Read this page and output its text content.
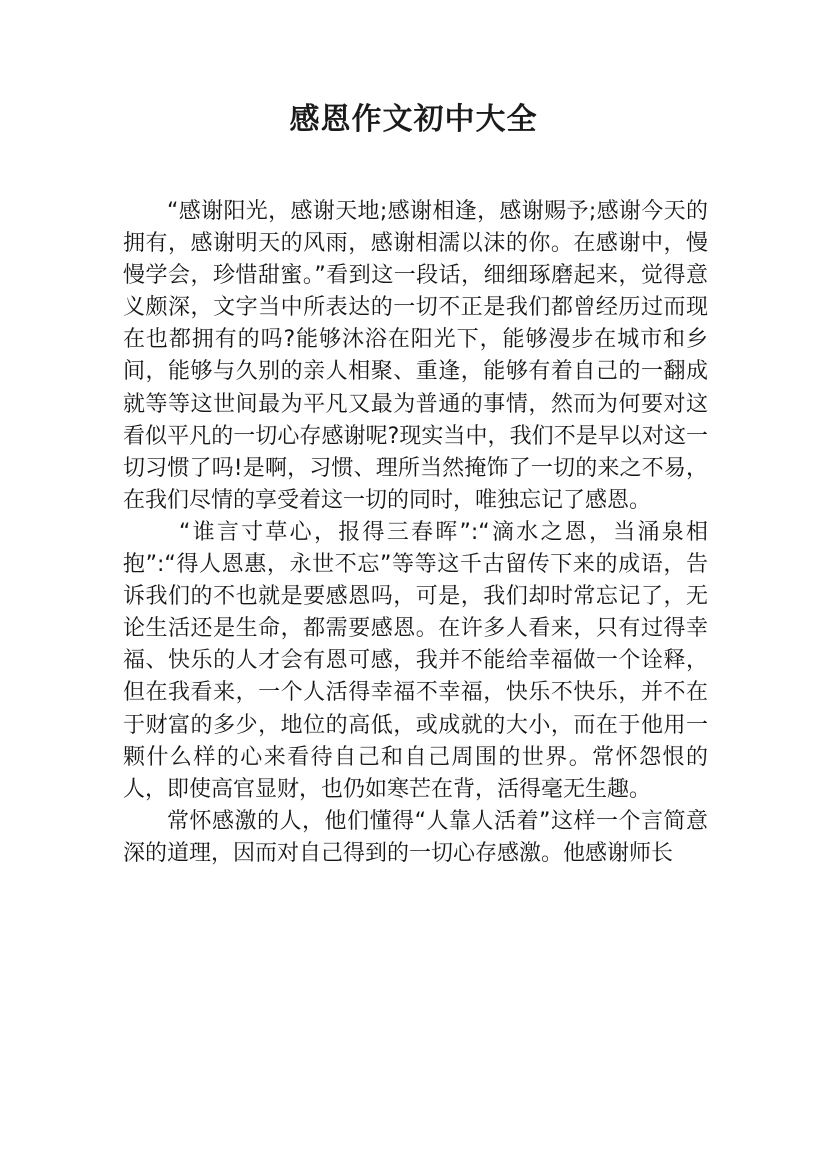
感恩作文初中大全

“感谢阳光，感谢天地;感谢相逢，感谢赐予;感谢今天的拥有，感谢明天的风雨，感谢相濡以沫的你。在感谢中，慢慢学会，珍惜甜蜜。”看到这一段话，细细琢磨起来，觉得意义颇深，文字当中所表达的一切不正是我们都曾经历过而现在也都拥有的吗?能够沐浴在阳光下，能够漫步在城市和乡间，能够与久别的亲人相聚、重逢，能够有着自己的一翻成就等等这世间最为平凡又最为普通的事情，然而为何要对这看似平凡的一切心存感谢呢?现实当中，我们不是早以对这一切习惯了吗!是啊，习惯、理所当然掩饰了一切的来之不易，在我们尽情的享受着这一切的同时，唯独忘记了感恩。

“谁言寸草心，报得三春晖”:“滴水之恩，当涌泉相抱”:“得人恩惠，永世不忘”等等这千古留传下来的成语，告诉我们的不也就是要感恩吗，可是，我们却时常忘记了，无论生活还是生命，都需要感恩。在许多人看来，只有过得幸福、快乐的人才会有恩可感，我并不能给幸福做一个诠释，但在我看来，一个人活得幸福不幸福，快乐不快乐，并不在于财富的多少，地位的高低，或成就的大小，而在于他用一颗什么样的心来看待自己和自己周围的世界。常怀怨恨的人，即使高官显财，也仍如寒芒在背，活得毫无生趣。

常怀感激的人，他们懂得“人靠人活着”这样一个言简意深的道理，因而对自己得到的一切心存感激。他感谢师长
